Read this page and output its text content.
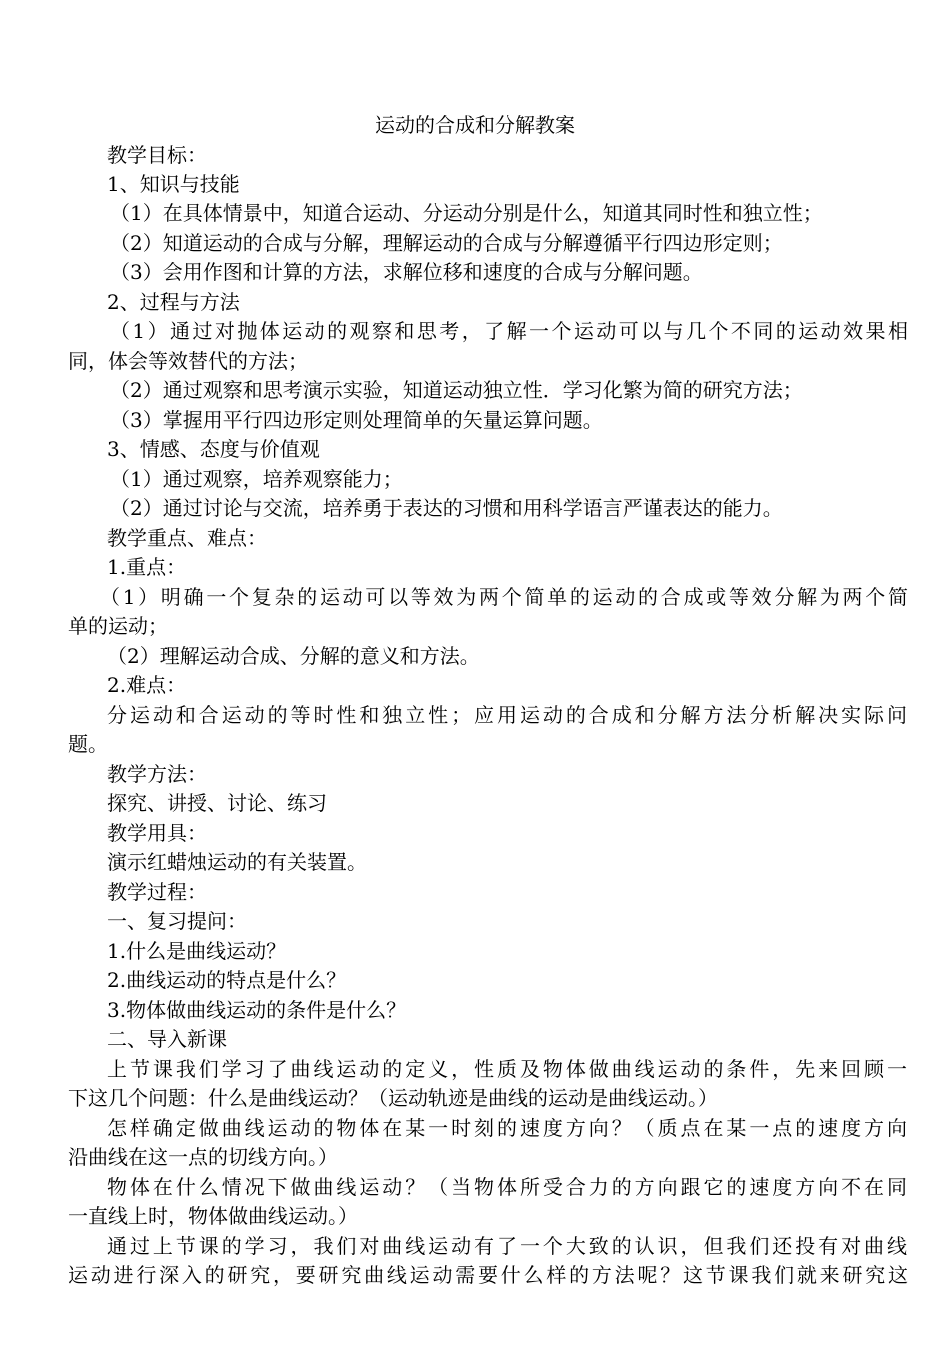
运动的合成和分解教案
教学目标：
1、知识与技能
（1）在具体情景中，知道合运动、分运动分别是什么，知道其同时性和独立性；
（2）知道运动的合成与分解，理解运动的合成与分解遵循平行四边形定则；
（3）会用作图和计算的方法，求解位移和速度的合成与分解问题。
2、过程与方法
（1）通过对抛体运动的观察和思考，了解一个运动可以与几个不同的运动效果相
同，体会等效替代的方法；
（2）通过观察和思考演示实验，知道运动独立性．学习化繁为简的研究方法；
（3）掌握用平行四边形定则处理简单的矢量运算问题。
3、情感、态度与价值观
（1）通过观察，培养观察能力；
（2）通过讨论与交流，培养勇于表达的习惯和用科学语言严谨表达的能力。
教学重点、难点：
1.重点：
（1）明确一个复杂的运动可以等效为两个简单的运动的合成或等效分解为两个简
单的运动；
（2）理解运动合成、分解的意义和方法。
2.难点：
分运动和合运动的等时性和独立性；应用运动的合成和分解方法分析解决实际问
题。
教学方法：
探究、讲授、讨论、练习
教学用具：
演示红蜡烛运动的有关装置。
教学过程：
一、复习提问：
1.什么是曲线运动？
2.曲线运动的特点是什么？
3.物体做曲线运动的条件是什么？
二、导入新课
上节课我们学习了曲线运动的定义，性质及物体做曲线运动的条件，先来回顾一
下这几个问题：什么是曲线运动？（运动轨迹是曲线的运动是曲线运动。）
怎样确定做曲线运动的物体在某一时刻的速度方向？（质点在某一点的速度方向
沿曲线在这一点的切线方向。）
物体在什么情况下做曲线运动？（当物体所受合力的方向跟它的速度方向不在同
一直线上时，物体做曲线运动。）
通过上节课的学习，我们对曲线运动有了一个大致的认识，但我们还投有对曲线
运动进行深入的研究，要研究曲线运动需要什么样的方法呢？这节课我们就来研究这
